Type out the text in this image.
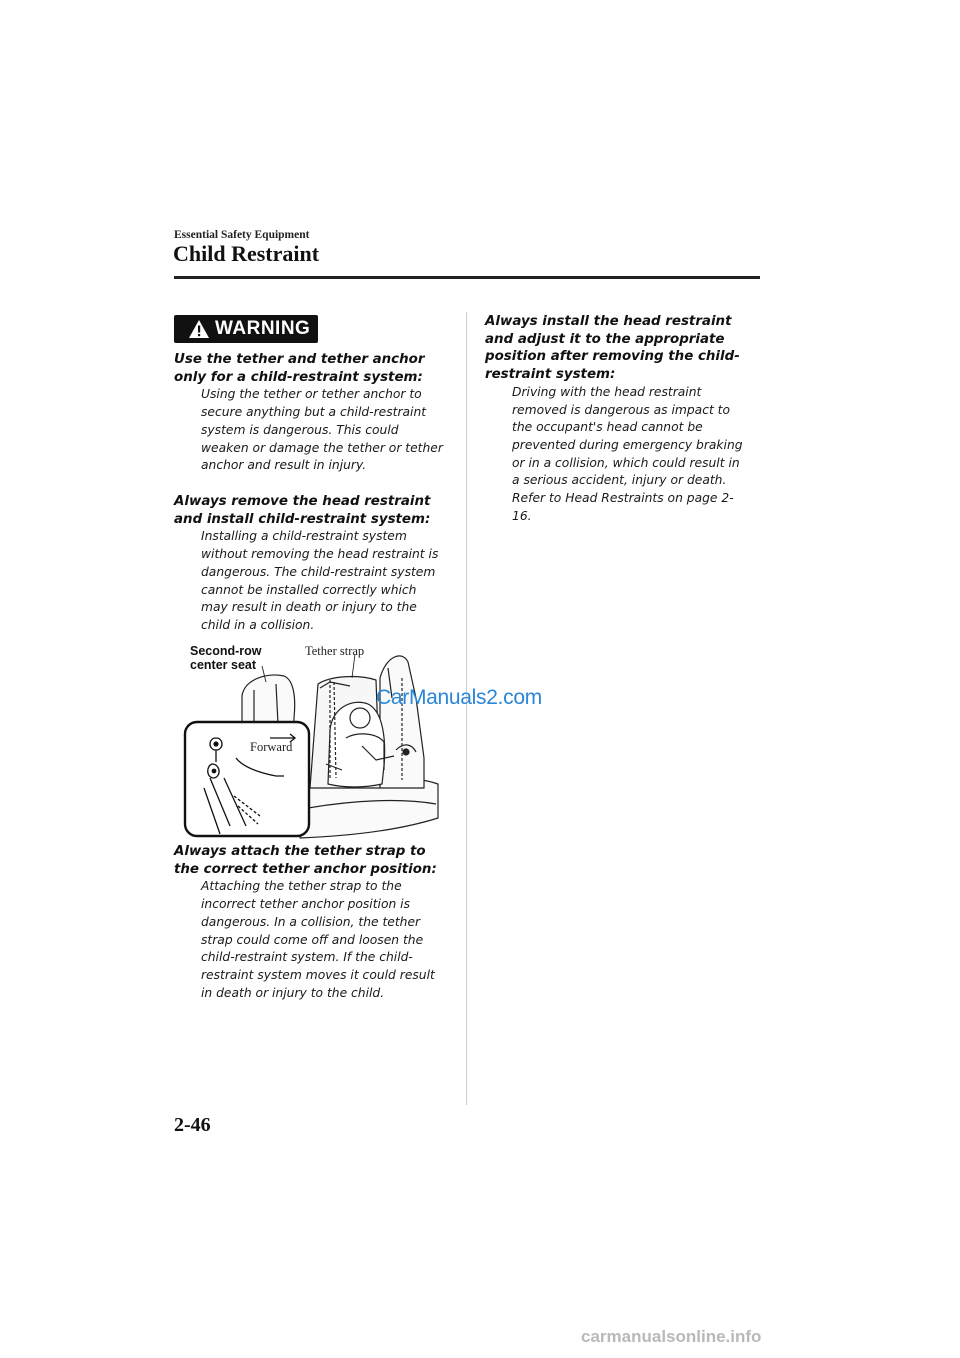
Essential Safety Equipment
Child Restraint
WARNING
Use the tether and tether anchor only for a child-restraint system:
Using the tether or tether anchor to secure anything but a child-restraint system is dangerous. This could weaken or damage the tether or tether anchor and result in injury.
Always remove the head restraint and install child-restraint system:
Installing a child-restraint system without removing the head restraint is dangerous. The child-restraint system cannot be installed correctly which may result in death or injury to the child in a collision.
Second-row
center seat
Tether strap
Forward
CarManuals2.com
Always attach the tether strap to the correct tether anchor position:
Attaching the tether strap to the incorrect tether anchor position is dangerous. In a collision, the tether strap could come off and loosen the child-restraint system. If the child-restraint system moves it could result in death or injury to the child.
Always install the head restraint and adjust it to the appropriate position after removing the child-restraint system:
Driving with the head restraint removed is dangerous as impact to the occupant's head cannot be prevented during emergency braking or in a collision, which could result in a serious accident, injury or death.
Refer to Head Restraints on page 2-16.
2-46
carmanualsonline.info
